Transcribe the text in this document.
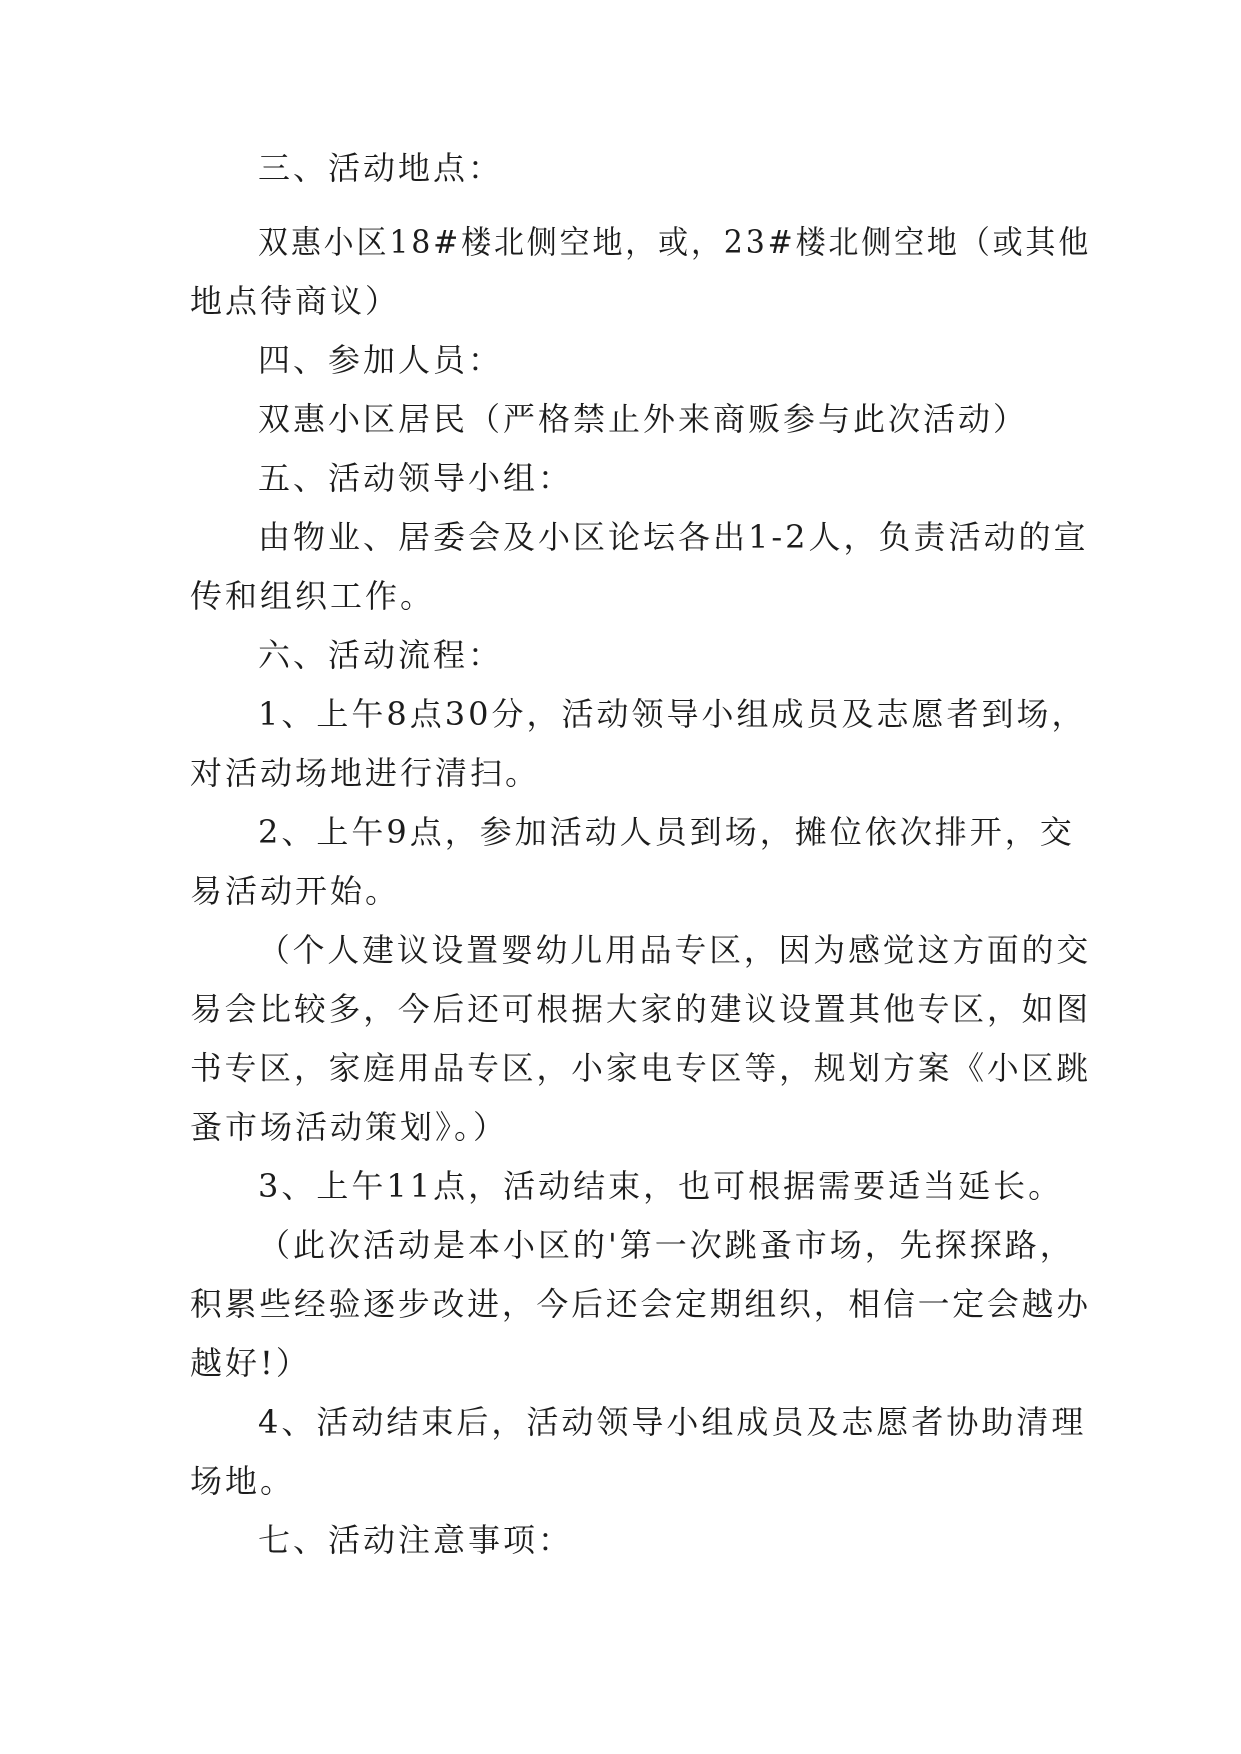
三、活动地点：
双惠小区18#楼北侧空地，或，23#楼北侧空地（或其他
地点待商议）
四、参加人员：
双惠小区居民（严格禁止外来商贩参与此次活动）
五、活动领导小组：
由物业、居委会及小区论坛各出1-2人，负责活动的宣
传和组织工作。
六、活动流程：
1、上午8点30分，活动领导小组成员及志愿者到场，
对活动场地进行清扫。
2、上午9点，参加活动人员到场，摊位依次排开，交
易活动开始。
（个人建议设置婴幼儿用品专区，因为感觉这方面的交
易会比较多，今后还可根据大家的建议设置其他专区，如图
书专区，家庭用品专区，小家电专区等，规划方案《小区跳
蚤市场活动策划》。）
3、上午11点，活动结束，也可根据需要适当延长。
（此次活动是本小区的'第一次跳蚤市场，先探探路，
积累些经验逐步改进，今后还会定期组织，相信一定会越办
越好!）
4、活动结束后，活动领导小组成员及志愿者协助清理
场地。
七、活动注意事项：
